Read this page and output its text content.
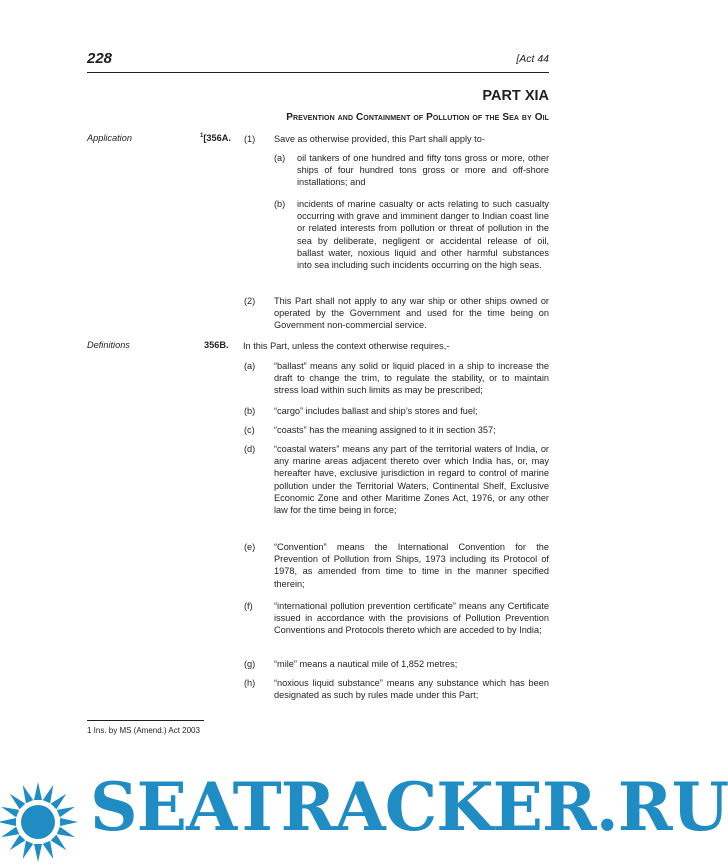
228	[Act 44
PART XIA
Prevention and Containment of Pollution of the Sea by Oil
Application	$^1$[356A. (1) Save as otherwise provided, this Part shall apply to-
(a) oil tankers of one hundred and fifty tons gross or more, other ships of four hundred tons gross or more and off-shore installations; and
(b) incidents of marine casualty or acts relating to such casualty occurring with grave and imminent danger to Indian coast line or related interests from pollution or threat of pollution in the sea by deliberate, negligent or accidental release of oil, ballast water, noxious liquid and other harmful substances into sea including such incidents occurring on the high seas.
(2) This Part shall not apply to any war ship or other ships owned or operated by the Government and used for the time being on Government non-commercial service.
Definitions	356B. In this Part, unless the context otherwise requires,-
(a) “ballast” means any solid or liquid placed in a ship to increase the draft to change the trim, to regulate the stability, or to maintain stress load within such limits as may be prescribed;
(b) “cargo” includes ballast and ship’s stores and fuel;
(c) “coasts” has the meaning assigned to it in section 357;
(d) “coastal waters” means any part of the territorial waters of India, or any marine areas adjacent thereto over which India has, or, may hereafter have, exclusive jurisdiction in regard to control of marine pollution under the Territorial Waters, Continental Shelf, Exclusive Economic Zone and other Maritime Zones Act, 1976, or any other law for the time being in force;
(e) “Convention” means the International Convention for the Prevention of Pollution from Ships, 1973 including its Protocol of 1978, as amended from time to time in the manner specified therein;
(f) “international pollution prevention certificate” means any Certificate issued in accordance with the provisions of Pollution Prevention Conventions and Protocols thereto which are acceded to by India;
(g) “mile” means a nautical mile of 1,852 metres;
(h) “noxious liquid substance” means any substance which has been designated as such by rules made under this Part;
1 Ins. by MS (Amend.) Act 2003
SEATRACKER.RU
